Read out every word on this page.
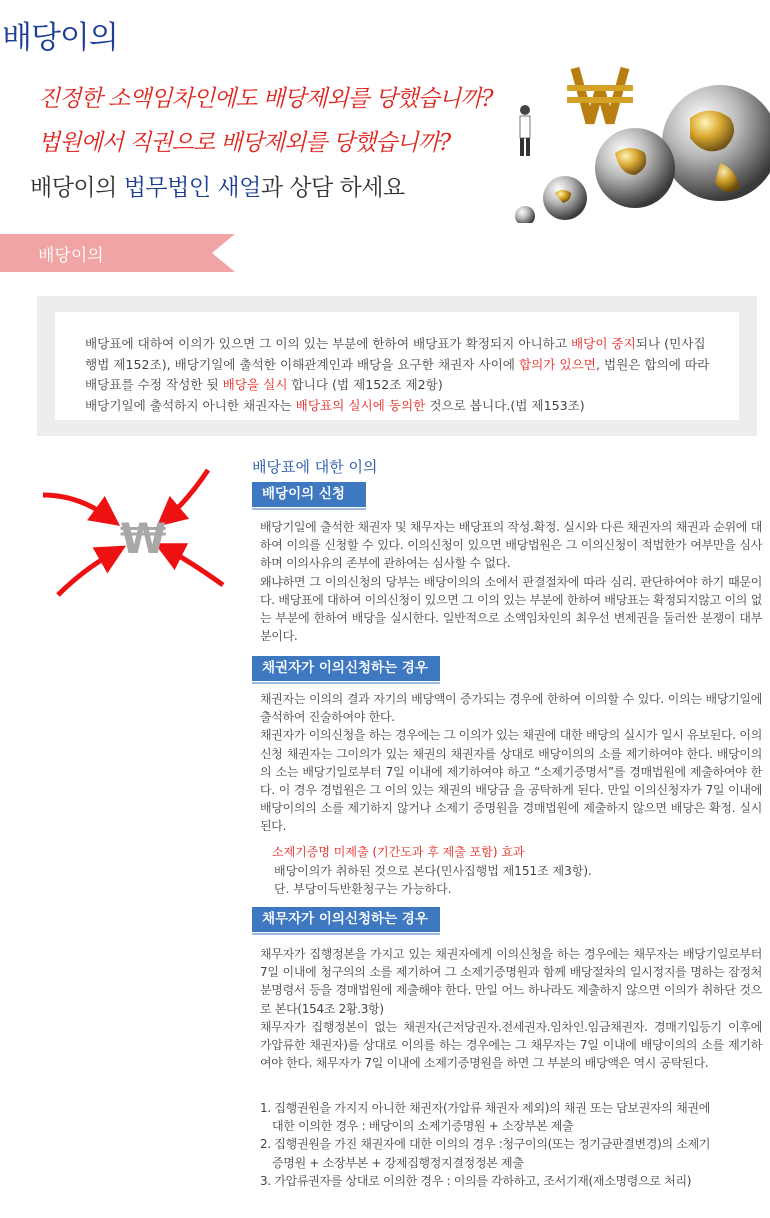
배당이의
진정한 소액임차인에도 배당제외를 당했습니까?
법원에서 직권으로 배당제외를 당했습니까?
배당이의 법무법인 새얼과 상담 하세요
배당이의
배당표에 대하여 이의가 있으면 그 이의 있는 부분에 한하여 배당표가 확정되지 아니하고 배당이 중지되나 (민사집행법 제152조), 배당기일에 출석한 이해관계인과 배당을 요구한 채권자 사이에 합의가 있으면, 법원은 합의에 따라 배당표를 수정 작성한 뒷 배당을 실시 합니다 (법 제152조 제2항)
배당기일에 출석하지 아니한 채권자는 배당표의 실시에 동의한 것으로 봅니다.(법 제153조)
₩
배당표에 대한 이의
배당이의 신청
배당기일에 출석한 채권자 및 채무자는 배당표의 작성.확정. 실시와 다른 채권자의 채권과 순위에 대하여 이의를 신청할 수 있다. 이의신청이 있으면 배당법원은 그 이의신청이 적법한가 여부만을 심사하며 이의사유의 존부에 관하여는 심사할 수 없다.
왜냐하면 그 이의신청의 당부는 배당이의의 소에서 판결절차에 따라 심리. 판단하여야 하기 때문이다. 배당표에 대하여 이의신청이 있으면 그 이의 있는 부분에 한하여 배당표는 확정되지않고 이의 없는 부분에 한하여 배당을 실시한다. 일반적으로 소액임차인의 최우선 변제권을 둘러싼 분쟁이 대부분이다.
채권자가 이의신청하는 경우
채권자는 이의의 결과 자기의 배당액이 증가되는 경우에 한하여 이의할 수 있다. 이의는 배당기일에 출석하여 진술하여야 한다.
채권자가 이의신청을 하는 경우에는 그 이의가 있는 채권에 대한 배당의 실시가 일시 유보된다. 이의신청 채권자는 그이의가 있는 채권의 채권자를 상대로 배당이의의 소를 제기하여야 한다. 배당이의의 소는 배당기일로부터 7일 이내에 제기하여야 하고 “소제기증명서”를 경매법원에 제출하여야 한다. 이 경우 경법원은 그 이의 있는 채권의 배당금 을 공탁하게 된다. 만일 이의신청자가 7일 이내에 배당이의의 소를 제기하지 않거나 소제기 증명원을 경매법원에 제출하지 않으면 배당은 확정. 실시된다.
소제기증명 미제출 (기간도과 후 제출 포함) 효과
배당이의가 취하된 것으로 본다(민사집행법 제151조 제3항).
단. 부당이득반환청구는 가능하다.
채무자가 이의신청하는 경우
채무자가 집행정본을 가지고 있는 채권자에게 이의신청을 하는 경우에는 채무자는 배당기일로부터 7일 이내에 청구의의 소를 제기하여 그 소제기증명원과 함께 배당절차의 일시정지를 명하는 잠정처분명령서 등을 경매법원에 제출해야 한다. 만일 어느 하나라도 제출하지 않으면 이의가 취하단 것으로 본다(154조 2황.3항)
채무자가 집행정본이 없는 채권자(근저당권자.전세권자.임차인.임금채권자. 경매기입등기 이후에 가압류한 채권자)를 상대로 이의를 하는 경우에는 그 채무자는 7일 이내에 배당이의의 소를 제기하여야 한다. 채무자가 7일 이내에 소제기증명원을 하면 그 부분의 배당액은 역시 공탁된다.
1. 집행권원을 가지지 아니한 채권자(가압류 채권자 제외)의 채권 또는 담보권자의 채권에
대한 이의한 경우 : 배당이의 소제기증명원 + 소장부본 제출
2. 집행권원을 가진 채권자에 대한 이의의 경우 :청구이의(또는 정기금판결변경)의 소제기
증명원 + 소장부본 + 강제집행정지결정정본 제출
3. 가압류권자를 상대로 이의한 경우 : 이의를 각하하고, 조서기재(재소명령으로 처리)
